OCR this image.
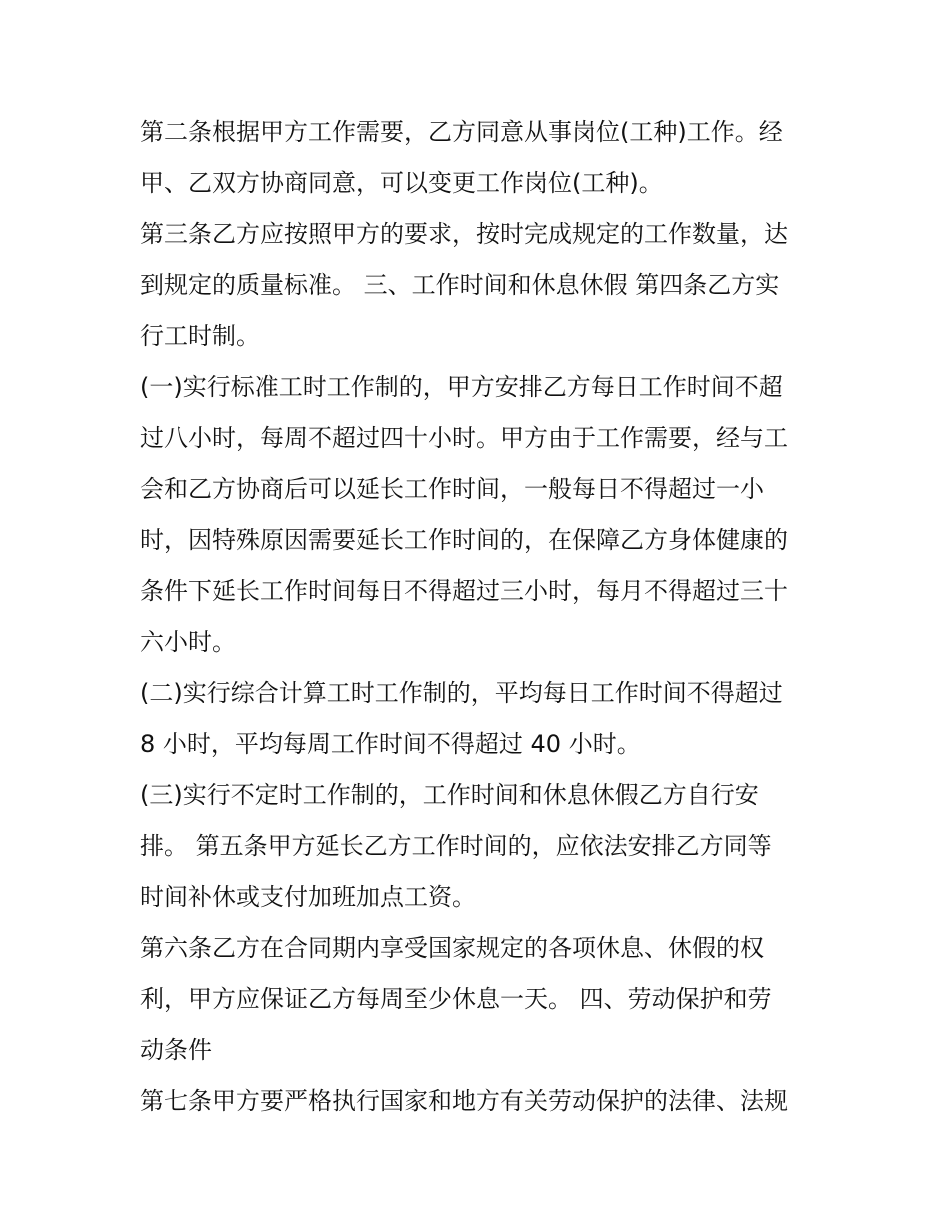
第二条根据甲方工作需要，乙方同意从事岗位(工种)工作。经
甲、乙双方协商同意，可以变更工作岗位(工种)。
第三条乙方应按照甲方的要求，按时完成规定的工作数量，达
到规定的质量标准。 三、工作时间和休息休假 第四条乙方实
行工时制。
(一)实行标准工时工作制的，甲方安排乙方每日工作时间不超
过八小时，每周不超过四十小时。甲方由于工作需要，经与工
会和乙方协商后可以延长工作时间，一般每日不得超过一小
时，因特殊原因需要延长工作时间的，在保障乙方身体健康的
条件下延长工作时间每日不得超过三小时，每月不得超过三十
六小时。
(二)实行综合计算工时工作制的，平均每日工作时间不得超过
8 小时，平均每周工作时间不得超过 40 小时。
(三)实行不定时工作制的，工作时间和休息休假乙方自行安
排。 第五条甲方延长乙方工作时间的，应依法安排乙方同等
时间补休或支付加班加点工资。
第六条乙方在合同期内享受国家规定的各项休息、休假的权
利，甲方应保证乙方每周至少休息一天。 四、劳动保护和劳
动条件
第七条甲方要严格执行国家和地方有关劳动保护的法律、法规
